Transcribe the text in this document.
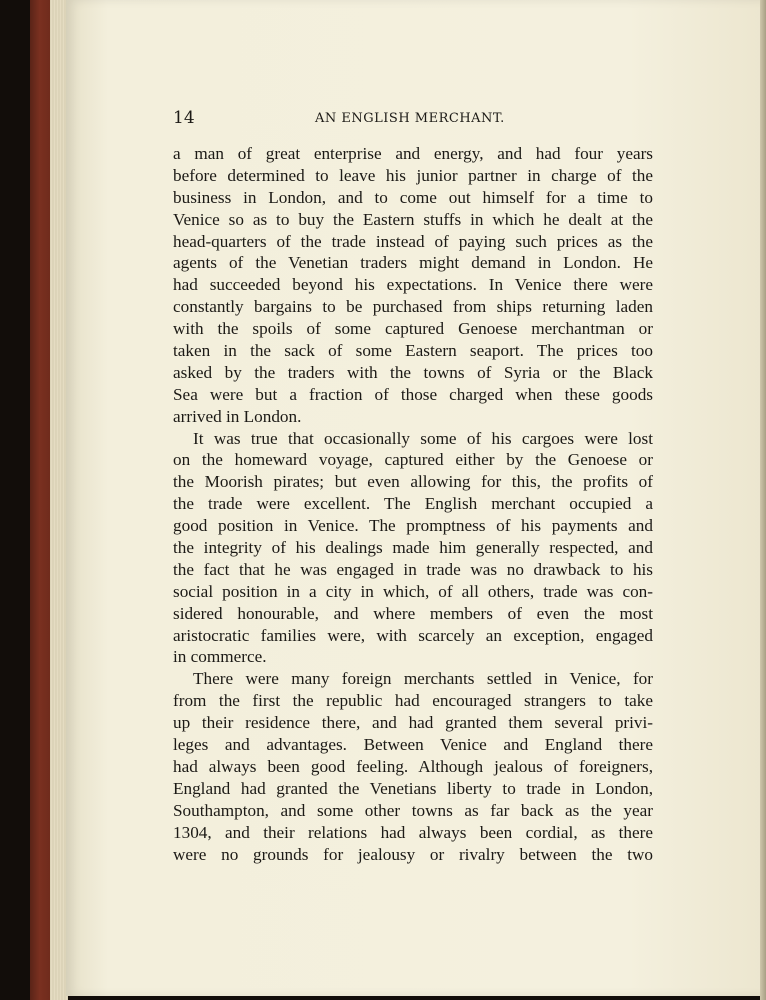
14	AN ENGLISH MERCHANT.
a man of great enterprise and energy, and had four years
before determined to leave his junior partner in charge of the
business in London, and to come out himself for a time to
Venice so as to buy the Eastern stuffs in which he dealt at the
head-quarters of the trade instead of paying such prices as the
agents of the Venetian traders might demand in London. He
had succeeded beyond his expectations. In Venice there were
constantly bargains to be purchased from ships returning laden
with the spoils of some captured Genoese merchantman or
taken in the sack of some Eastern seaport. The prices too
asked by the traders with the towns of Syria or the Black
Sea were but a fraction of those charged when these goods
arrived in London.
It was true that occasionally some of his cargoes were lost
on the homeward voyage, captured either by the Genoese or
the Moorish pirates; but even allowing for this, the profits of
the trade were excellent. The English merchant occupied a
good position in Venice. The promptness of his payments and
the integrity of his dealings made him generally respected, and
the fact that he was engaged in trade was no drawback to his
social position in a city in which, of all others, trade was con-
sidered honourable, and where members of even the most
aristocratic families were, with scarcely an exception, engaged
in commerce.
There were many foreign merchants settled in Venice, for
from the first the republic had encouraged strangers to take
up their residence there, and had granted them several privi-
leges and advantages. Between Venice and England there
had always been good feeling. Although jealous of foreigners,
England had granted the Venetians liberty to trade in London,
Southampton, and some other towns as far back as the year
1304, and their relations had always been cordial, as there
were no grounds for jealousy or rivalry between the two
